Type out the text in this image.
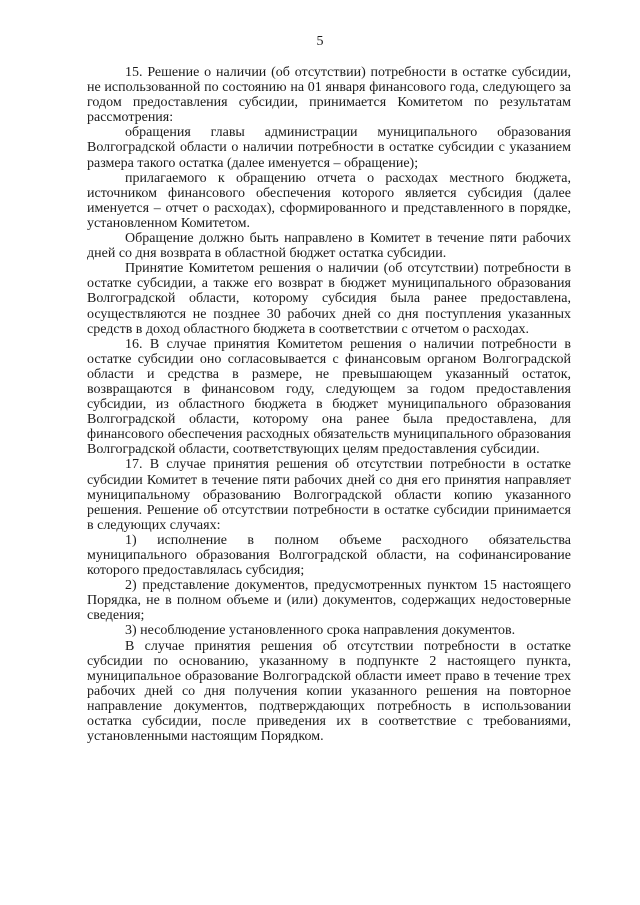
5

15. Решение о наличии (об отсутствии) потребности в остатке субсидии, не использованной по состоянию на 01 января финансового года, следующего за годом предоставления субсидии, принимается Комитетом по результатам рассмотрения:

обращения главы администрации муниципального образования Волгоградской области о наличии потребности в остатке субсидии с указанием размера такого остатка (далее именуется – обращение);

прилагаемого к обращению отчета о расходах местного бюджета, источником финансового обеспечения которого является субсидия (далее именуется – отчет о расходах), сформированного и представленного в порядке, установленном Комитетом.

Обращение должно быть направлено в Комитет в течение пяти рабочих дней со дня возврата в областной бюджет остатка субсидии.

Принятие Комитетом решения о наличии (об отсутствии) потребности в остатке субсидии, а также его возврат в бюджет муниципального образования Волгоградской области, которому субсидия была ранее предоставлена, осуществляются не позднее 30 рабочих дней со дня поступления указанных средств в доход областного бюджета в соответствии с отчетом о расходах.

16. В случае принятия Комитетом решения о наличии потребности в остатке субсидии оно согласовывается с финансовым органом Волгоградской области и средства в размере, не превышающем указанный остаток, возвращаются в финансовом году, следующем за годом предоставления субсидии, из областного бюджета в бюджет муниципального образования Волгоградской области, которому она ранее была предоставлена, для финансового обеспечения расходных обязательств муниципального образования Волгоградской области, соответствующих целям предоставления субсидии.

17. В случае принятия решения об отсутствии потребности в остатке субсидии Комитет в течение пяти рабочих дней со дня его принятия направляет муниципальному образованию Волгоградской области копию указанного решения. Решение об отсутствии потребности в остатке субсидии принимается в следующих случаях:

1) исполнение в полном объеме расходного обязательства муниципального образования Волгоградской области, на софинансирование которого предоставлялась субсидия;

2) представление документов, предусмотренных пунктом 15 настоящего Порядка, не в полном объеме и (или) документов, содержащих недостоверные сведения;

3) несоблюдение установленного срока направления документов.

В случае принятия решения об отсутствии потребности в остатке субсидии по основанию, указанному в подпункте 2 настоящего пункта, муниципальное образование Волгоградской области имеет право в течение трех рабочих дней со дня получения копии указанного решения на повторное направление документов, подтверждающих потребность в использовании остатка субсидии, после приведения их в соответствие с требованиями, установленными настоящим Порядком.
